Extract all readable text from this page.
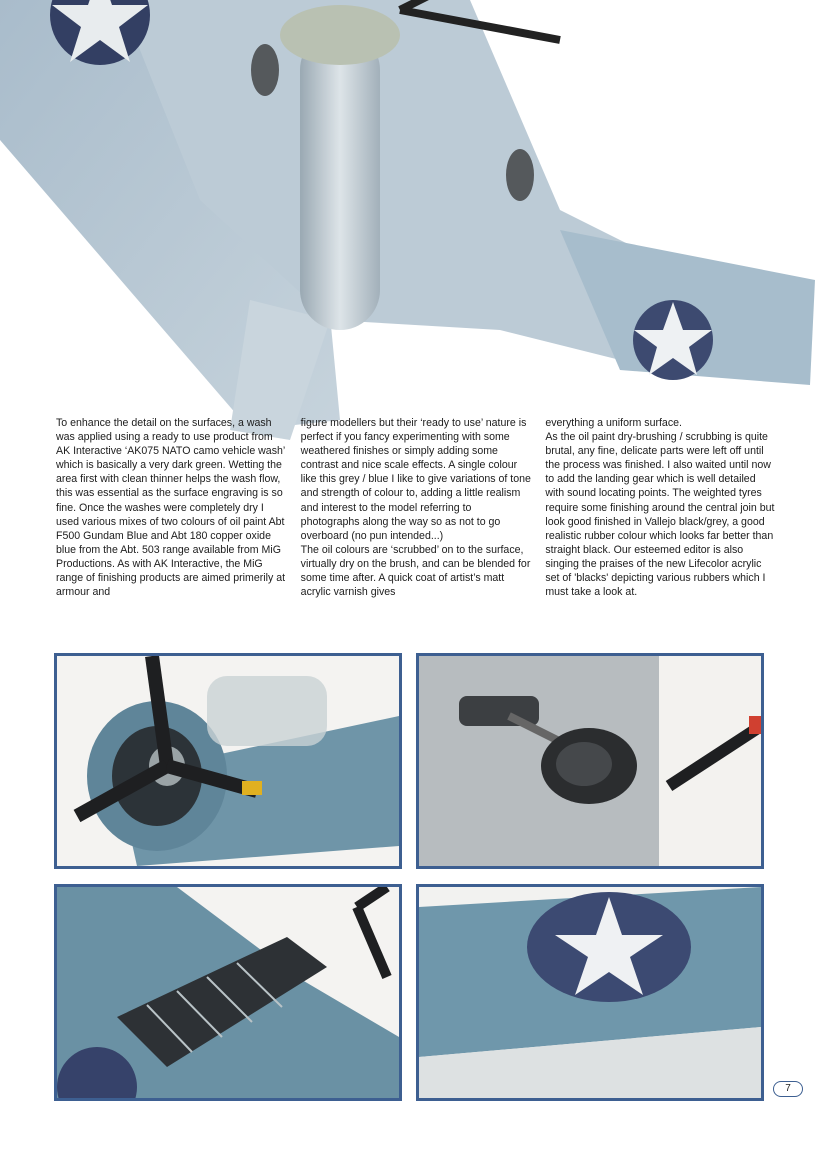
To enhance the detail on the surfaces, a wash was applied using a ready to use product from AK Interactive ‘AK075 NATO camo vehicle wash’ which is basically a very dark green. Wetting the area first with clean thinner helps the wash flow, this was essential as the surface engraving is so fine. Once the washes were completely dry I used various mixes of two colours of oil paint Abt F500 Gundam Blue and Abt 180 copper oxide blue from the Abt. 503 range available from MiG Productions. As with AK Interactive, the MiG range of finishing products are aimed primerily at armour and

figure modellers but their ‘ready to use’ nature is perfect if you fancy experimenting with some weathered finishes or simply adding some contrast and nice scale effects. A single colour like this grey / blue I like to give variations of tone and strength of colour to, adding a little realism and interest to the model referring to photographs along the way so as not to go overboard (no pun intended...)

The oil colours are ‘scrubbed’ on to the surface, virtually dry on the brush, and can be blended for some time after. A quick coat of artist’s matt acrylic varnish gives

everything a uniform surface.

As the oil paint dry-brushing / scrubbing is quite brutal, any fine, delicate parts were left off until the process was finished. I also waited until now to add the landing gear which is well detailed with sound locating points. The weighted tyres require some finishing around the central join but look good finished in Vallejo black/grey, a good realistic rubber colour which looks far better than straight black. Our esteemed editor is also singing the praises of the new Lifecolor acrylic set of 'blacks' depicting various rubbers which I must take a look at.

7
